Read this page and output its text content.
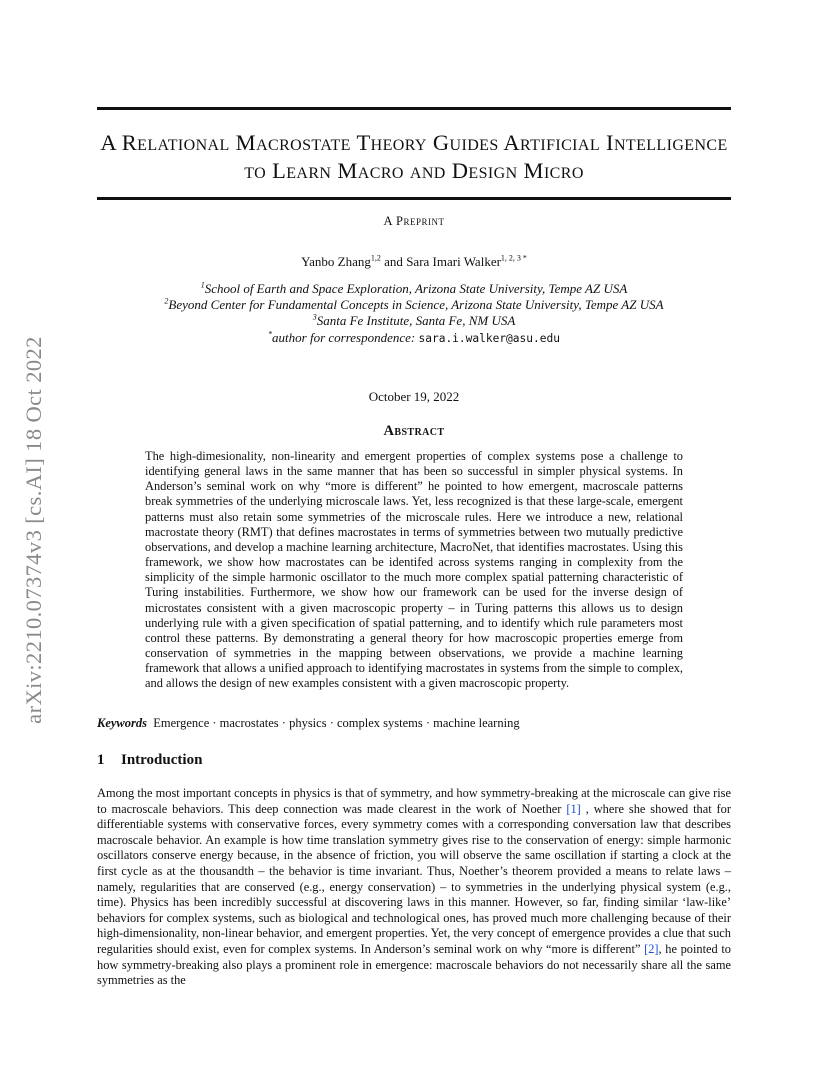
arXiv:2210.07374v3 [cs.AI] 18 Oct 2022
A Relational Macrostate Theory Guides Artificial Intelligence to Learn Macro and Design Micro
A Preprint
Yanbo Zhang$^{1,2}$ and Sara Imari Walker$^{1, 2, 3 *}$
$^1$School of Earth and Space Exploration, Arizona State University, Tempe AZ USA
$^2$Beyond Center for Fundamental Concepts in Science, Arizona State University, Tempe AZ USA
$^3$Santa Fe Institute, Santa Fe, NM USA
*author for correspondence: sara.i.walker@asu.edu
October 19, 2022
Abstract
The high-dimesionality, non-linearity and emergent properties of complex systems pose a challenge to identifying general laws in the same manner that has been so successful in simpler physical systems. In Anderson’s seminal work on why “more is different” he pointed to how emergent, macroscale patterns break symmetries of the underlying microscale laws. Yet, less recognized is that these large-scale, emergent patterns must also retain some symmetries of the microscale rules. Here we introduce a new, relational macrostate theory (RMT) that defines macrostates in terms of symmetries between two mutually predictive observations, and develop a machine learning architecture, MacroNet, that identifies macrostates. Using this framework, we show how macrostates can be identifed across systems ranging in complexity from the simplicity of the simple harmonic oscillator to the much more complex spatial patterning characteristic of Turing instabilities. Furthermore, we show how our framework can be used for the inverse design of microstates consistent with a given macroscopic property – in Turing patterns this allows us to design underlying rule with a given specification of spatial patterning, and to identify which rule parameters most control these patterns. By demonstrating a general theory for how macroscopic properties emerge from conservation of symmetries in the mapping between observations, we provide a machine learning framework that allows a unified approach to identifying macrostates in systems from the simple to complex, and allows the design of new examples consistent with a given macroscopic property.
Keywords Emergence · macrostates · physics · complex systems · machine learning
1 Introduction
Among the most important concepts in physics is that of symmetry, and how symmetry-breaking at the microscale can give rise to macroscale behaviors. This deep connection was made clearest in the work of Noether [1] , where she showed that for differentiable systems with conservative forces, every symmetry comes with a corresponding conversation law that describes macroscale behavior. An example is how time translation symmetry gives rise to the conservation of energy: simple harmonic oscillators conserve energy because, in the absence of friction, you will observe the same oscillation if starting a clock at the first cycle as at the thousandth – the behavior is time invariant. Thus, Noether’s theorem provided a means to relate laws – namely, regularities that are conserved (e.g., energy conservation) – to symmetries in the underlying physical system (e.g., time). Physics has been incredibly successful at discovering laws in this manner. However, so far, finding similar ‘law-like’ behaviors for complex systems, such as biological and technological ones, has proved much more challenging because of their high-dimensionality, non-linear behavior, and emergent properties. Yet, the very concept of emergence provides a clue that such regularities should exist, even for complex systems. In Anderson’s seminal work on why “more is different” [2], he pointed to how symmetry-breaking also plays a prominent role in emergence: macroscale behaviors do not necessarily share all the same symmetries as the
